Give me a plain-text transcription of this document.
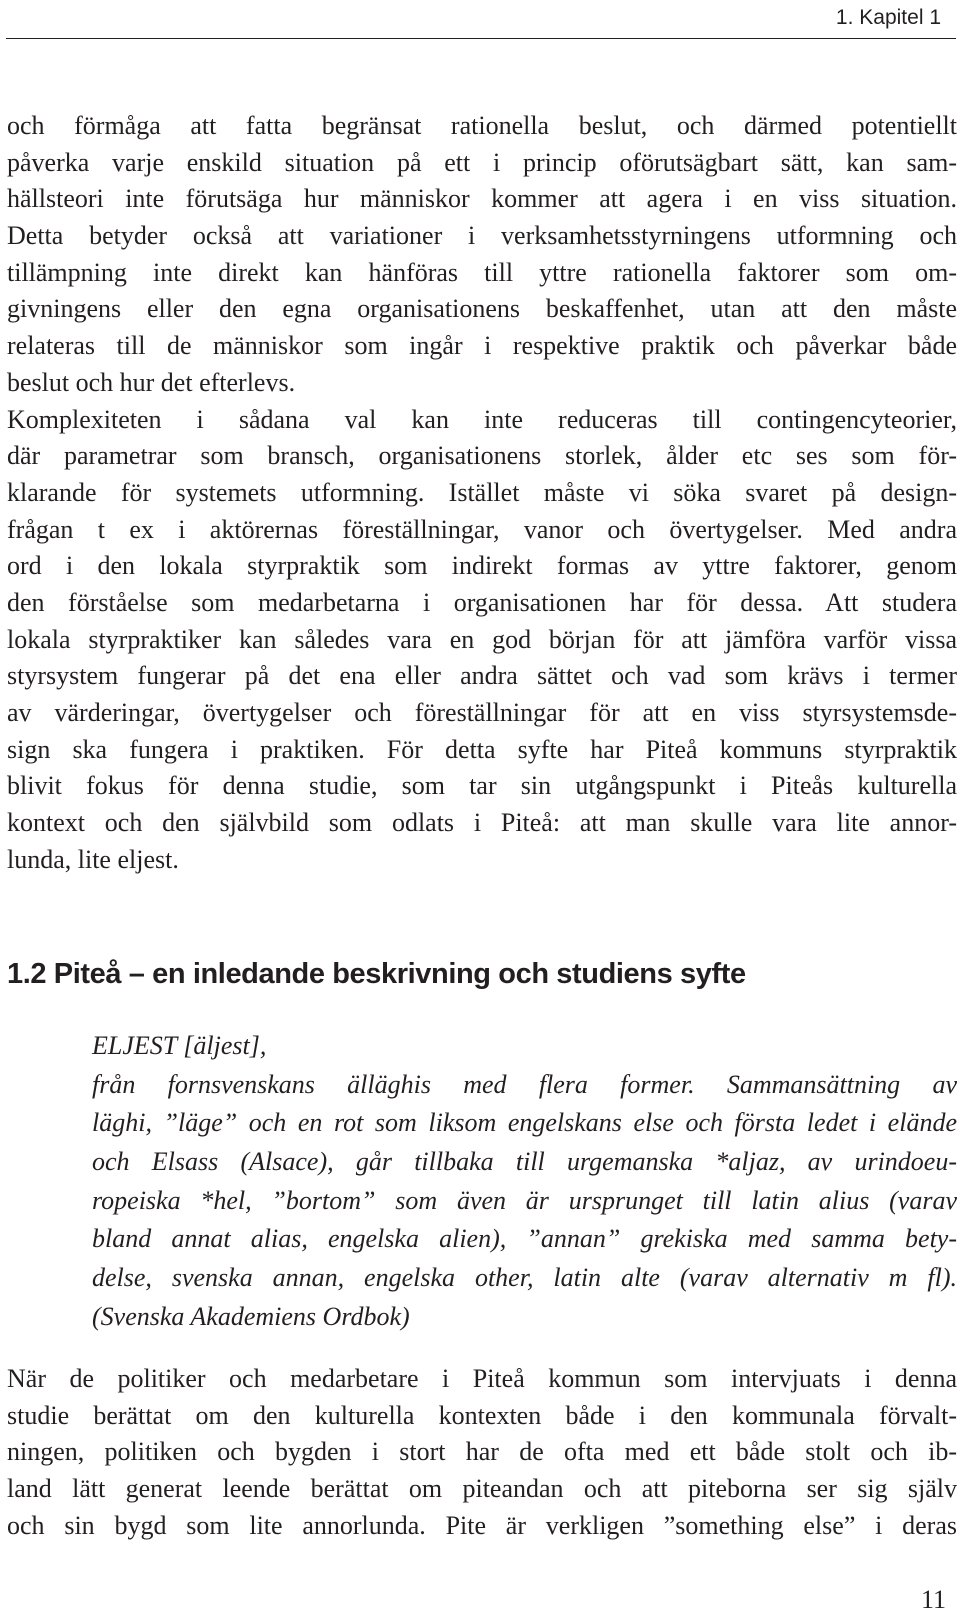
1. Kapitel 1
och förmåga att fatta begränsat rationella beslut, och därmed potentiellt
påverka varje enskild situation på ett i princip oförutsägbart sätt, kan sam-
hällsteori inte förutsäga hur människor kommer att agera i en viss situation.
Detta betyder också att variationer i verksamhetsstyrningens utformning och
tillämpning inte direkt kan hänföras till yttre rationella faktorer som om-
givningens eller den egna organisationens beskaffenhet, utan att den måste
relateras till de människor som ingår i respektive praktik och påverkar både
beslut och hur det efterlevs.
Komplexiteten i sådana val kan inte reduceras till contingencyteorier,
där parametrar som bransch, organisationens storlek, ålder etc ses som för-
klarande för systemets utformning. Istället måste vi söka svaret på design-
frågan t ex i aktörernas föreställningar, vanor och övertygelser. Med andra
ord i den lokala styrpraktik som indirekt formas av yttre faktorer, genom
den förståelse som medarbetarna i organisationen har för dessa. Att studera
lokala styrpraktiker kan således vara en god början för att jämföra varför vissa
styrsystem fungerar på det ena eller andra sättet och vad som krävs i termer
av värderingar, övertygelser och föreställningar för att en viss styrsystemsde-
sign ska fungera i praktiken. För detta syfte har Piteå kommuns styrpraktik
blivit fokus för denna studie, som tar sin utgångspunkt i Piteås kulturella
kontext och den självbild som odlats i Piteå: att man skulle vara lite annor-
lunda, lite eljest.
1.2 Piteå – en inledande beskrivning och studiens syfte
ELJEST [äljest],
från fornsvenskans älläghis med flera former. Sammansättning av
läghi, ”läge” och en rot som liksom engelskans else och första ledet i elände
och Elsass (Alsace), går tillbaka till urgemanska *aljaz, av urindoeu-
ropeiska *hel, ”bortom” som även är ursprunget till latin alius (varav
bland annat alias, engelska alien), ”annan” grekiska med samma bety-
delse, svenska annan, engelska other, latin alte (varav alternativ m fl).
(Svenska Akademiens Ordbok)
När de politiker och medarbetare i Piteå kommun som intervjuats i denna
studie berättat om den kulturella kontexten både i den kommunala förvalt-
ningen, politiken och bygden i stort har de ofta med ett både stolt och ib-
land lätt generat leende berättat om piteandan och att piteborna ser sig själv
och sin bygd som lite annorlunda. Pite är verkligen ”something else” i deras
11
